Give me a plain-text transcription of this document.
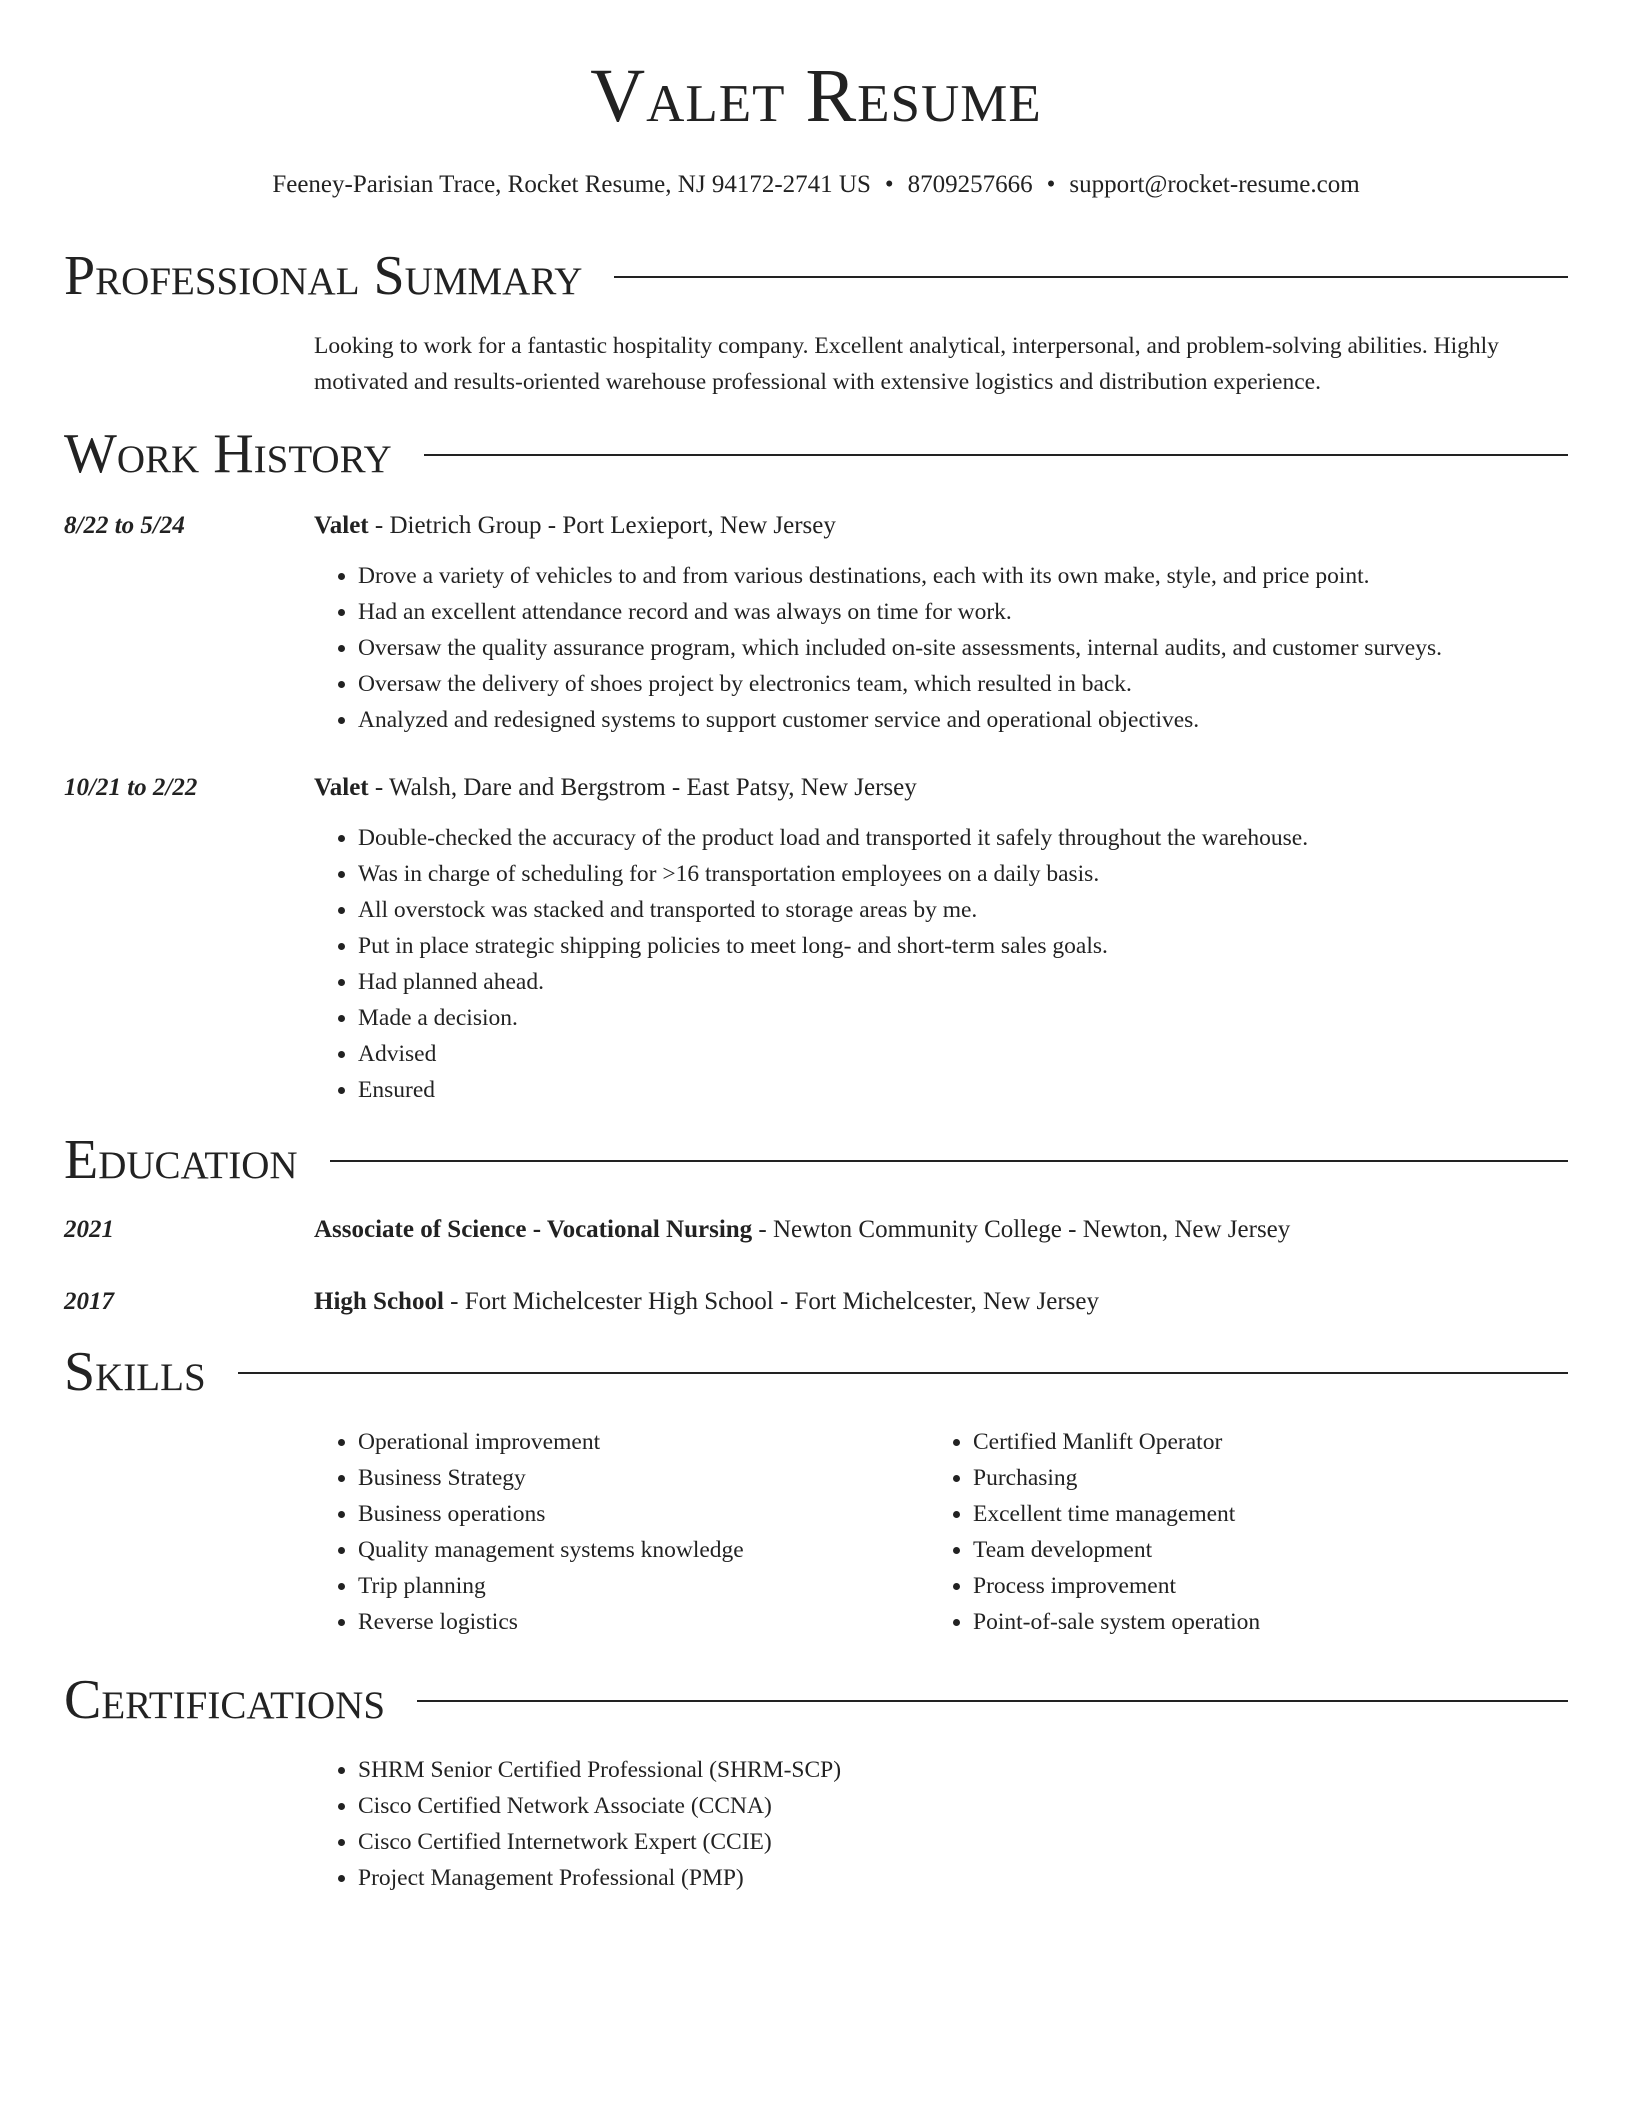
Valet Resume
Feeney-Parisian Trace, Rocket Resume, NJ 94172-2741 US • 8709257666 • support@rocket-resume.com
Professional Summary
Looking to work for a fantastic hospitality company. Excellent analytical, interpersonal, and problem-solving abilities. Highly motivated and results-oriented warehouse professional with extensive logistics and distribution experience.
Work History
8/22 to 5/24	Valet - Dietrich Group - Port Lexieport, New Jersey
• Drove a variety of vehicles to and from various destinations, each with its own make, style, and price point.
• Had an excellent attendance record and was always on time for work.
• Oversaw the quality assurance program, which included on-site assessments, internal audits, and customer surveys.
• Oversaw the delivery of shoes project by electronics team, which resulted in back.
• Analyzed and redesigned systems to support customer service and operational objectives.
10/21 to 2/22	Valet - Walsh, Dare and Bergstrom - East Patsy, New Jersey
• Double-checked the accuracy of the product load and transported it safely throughout the warehouse.
• Was in charge of scheduling for >16 transportation employees on a daily basis.
• All overstock was stacked and transported to storage areas by me.
• Put in place strategic shipping policies to meet long- and short-term sales goals.
• Had planned ahead.
• Made a decision.
• Advised
• Ensured
Education
2021	Associate of Science - Vocational Nursing - Newton Community College - Newton, New Jersey
2017	High School - Fort Michelcester High School - Fort Michelcester, New Jersey
Skills
• Operational improvement
• Business Strategy
• Business operations
• Quality management systems knowledge
• Trip planning
• Reverse logistics
• Certified Manlift Operator
• Purchasing
• Excellent time management
• Team development
• Process improvement
• Point-of-sale system operation
Certifications
• SHRM Senior Certified Professional (SHRM-SCP)
• Cisco Certified Network Associate (CCNA)
• Cisco Certified Internetwork Expert (CCIE)
• Project Management Professional (PMP)
